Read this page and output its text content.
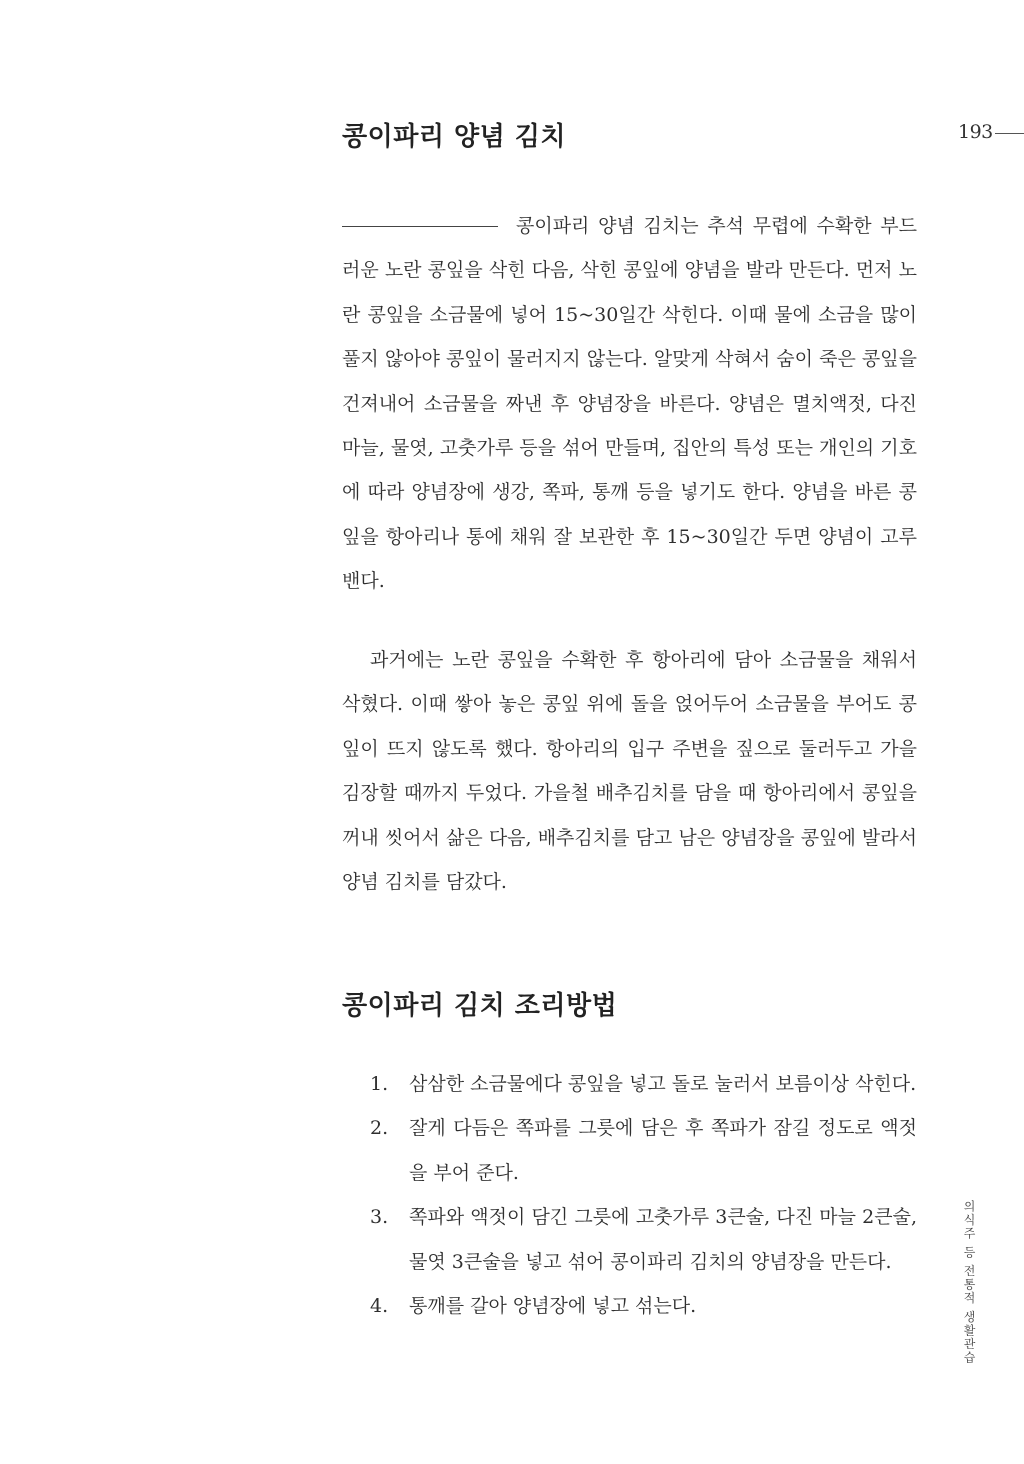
193
콩이파리 양념 김치

콩이파리 양념 김치는 추석 무렵에 수확한 부드러운 노란 콩잎을 삭힌 다음, 삭힌 콩잎에 양념을 발라 만든다. 먼저 노란 콩잎을 소금물에 넣어 15~30일간 삭힌다. 이때 물에 소금을 많이 풀지 않아야 콩잎이 물러지지 않는다. 알맞게 삭혀서 숨이 죽은 콩잎을 건져내어 소금물을 짜낸 후 양념장을 바른다. 양념은 멸치액젓, 다진 마늘, 물엿, 고춧가루 등을 섞어 만들며, 집안의 특성 또는 개인의 기호에 따라 양념장에 생강, 쪽파, 통깨 등을 넣기도 한다. 양념을 바른 콩잎을 항아리나 통에 채워 잘 보관한 후 15~30일간 두면 양념이 고루 밴다.

과거에는 노란 콩잎을 수확한 후 항아리에 담아 소금물을 채워서 삭혔다. 이때 쌓아 놓은 콩잎 위에 돌을 얹어두어 소금물을 부어도 콩잎이 뜨지 않도록 했다. 항아리의 입구 주변을 짚으로 둘러두고 가을 김장할 때까지 두었다. 가을철 배추김치를 담을 때 항아리에서 콩잎을 꺼내 씻어서 삶은 다음, 배추김치를 담고 남은 양념장을 콩잎에 발라서 양념 김치를 담갔다.

콩이파리 김치 조리방법
1. 삼삼한 소금물에다 콩잎을 넣고 돌로 눌러서 보름이상 삭힌다.
2. 잘게 다듬은 쪽파를 그릇에 담은 후 쪽파가 잠길 정도로 액젓을 부어 준다.
3. 쪽파와 액젓이 담긴 그릇에 고춧가루 3큰술, 다진 마늘 2큰술, 물엿 3큰술을 넣고 섞어 콩이파리 김치의 양념장을 만든다.
4. 통깨를 갈아 양념장에 넣고 섞는다.	의식주 등 전통적 생활관습
